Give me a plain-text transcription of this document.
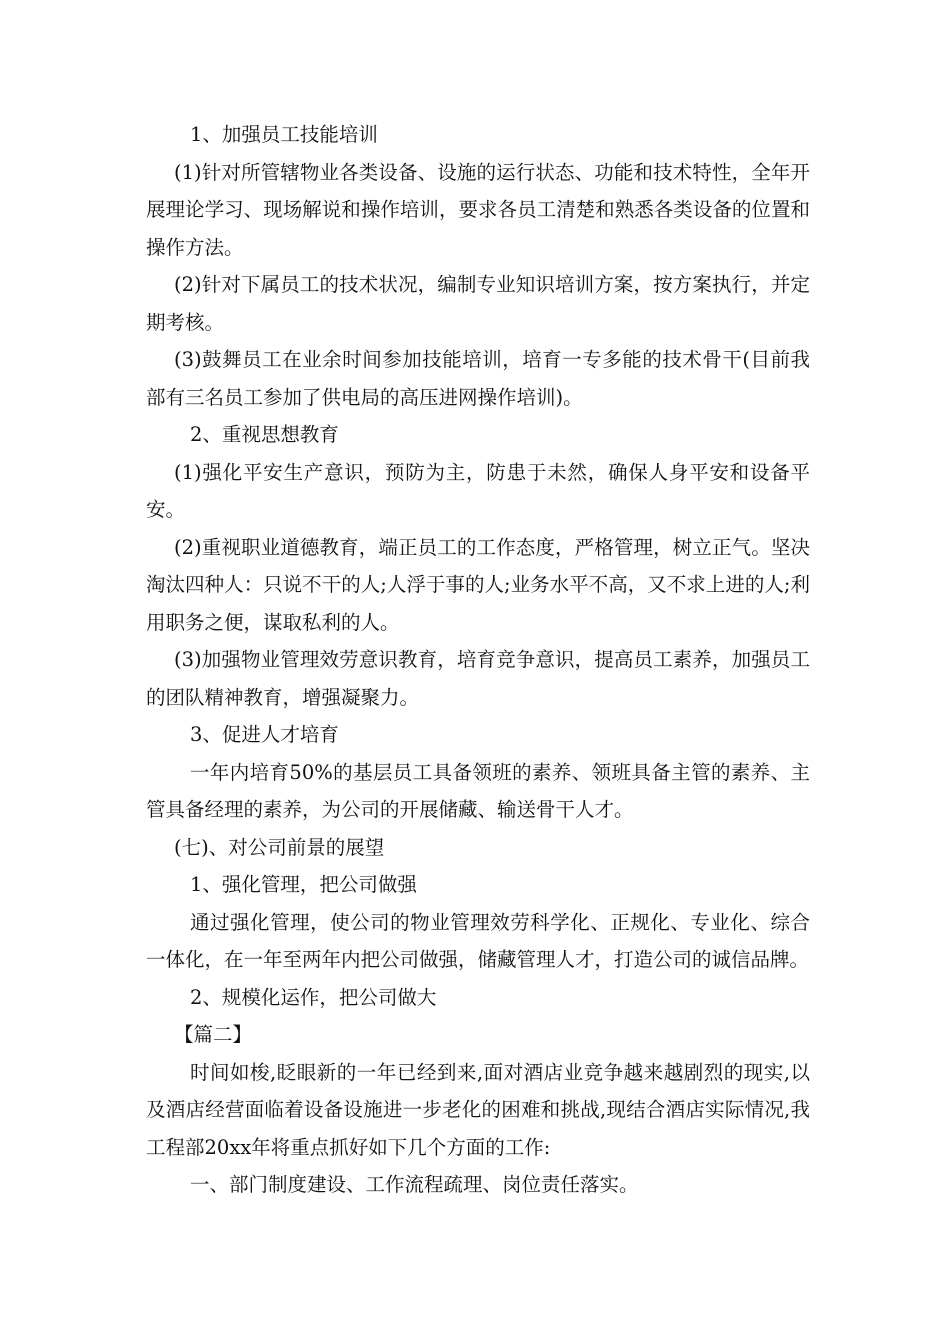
1、加强员工技能培训

(1)针对所管辖物业各类设备、设施的运行状态、功能和技术特性，全年开展理论学习、现场解说和操作培训，要求各员工清楚和熟悉各类设备的位置和操作方法。

(2)针对下属员工的技术状况，编制专业知识培训方案，按方案执行，并定期考核。

(3)鼓舞员工在业余时间参加技能培训，培育一专多能的技术骨干(目前我部有三名员工参加了供电局的高压进网操作培训)。

2、重视思想教育

(1)强化平安生产意识，预防为主，防患于未然，确保人身平安和设备平安。

(2)重视职业道德教育，端正员工的工作态度，严格管理，树立正气。坚决淘汰四种人：只说不干的人;人浮于事的人;业务水平不高，又不求上进的人;利用职务之便，谋取私利的人。

(3)加强物业管理效劳意识教育，培育竞争意识，提高员工素养，加强员工的团队精神教育，增强凝聚力。

3、促进人才培育

一年内培育50%的基层员工具备领班的素养、领班具备主管的素养、主管具备经理的素养，为公司的开展储藏、输送骨干人才。

(七)、对公司前景的展望

1、强化管理，把公司做强

通过强化管理，使公司的物业管理效劳科学化、正规化、专业化、综合一体化，在一年至两年内把公司做强，储藏管理人才，打造公司的诚信品牌。

2、规模化运作，把公司做大

【篇二】

时间如梭,眨眼新的一年已经到来,面对酒店业竞争越来越剧烈的现实,以及酒店经营面临着设备设施进一步老化的困难和挑战,现结合酒店实际情况,我工程部20xx年将重点抓好如下几个方面的工作:

一、部门制度建设、工作流程疏理、岗位责任落实。
